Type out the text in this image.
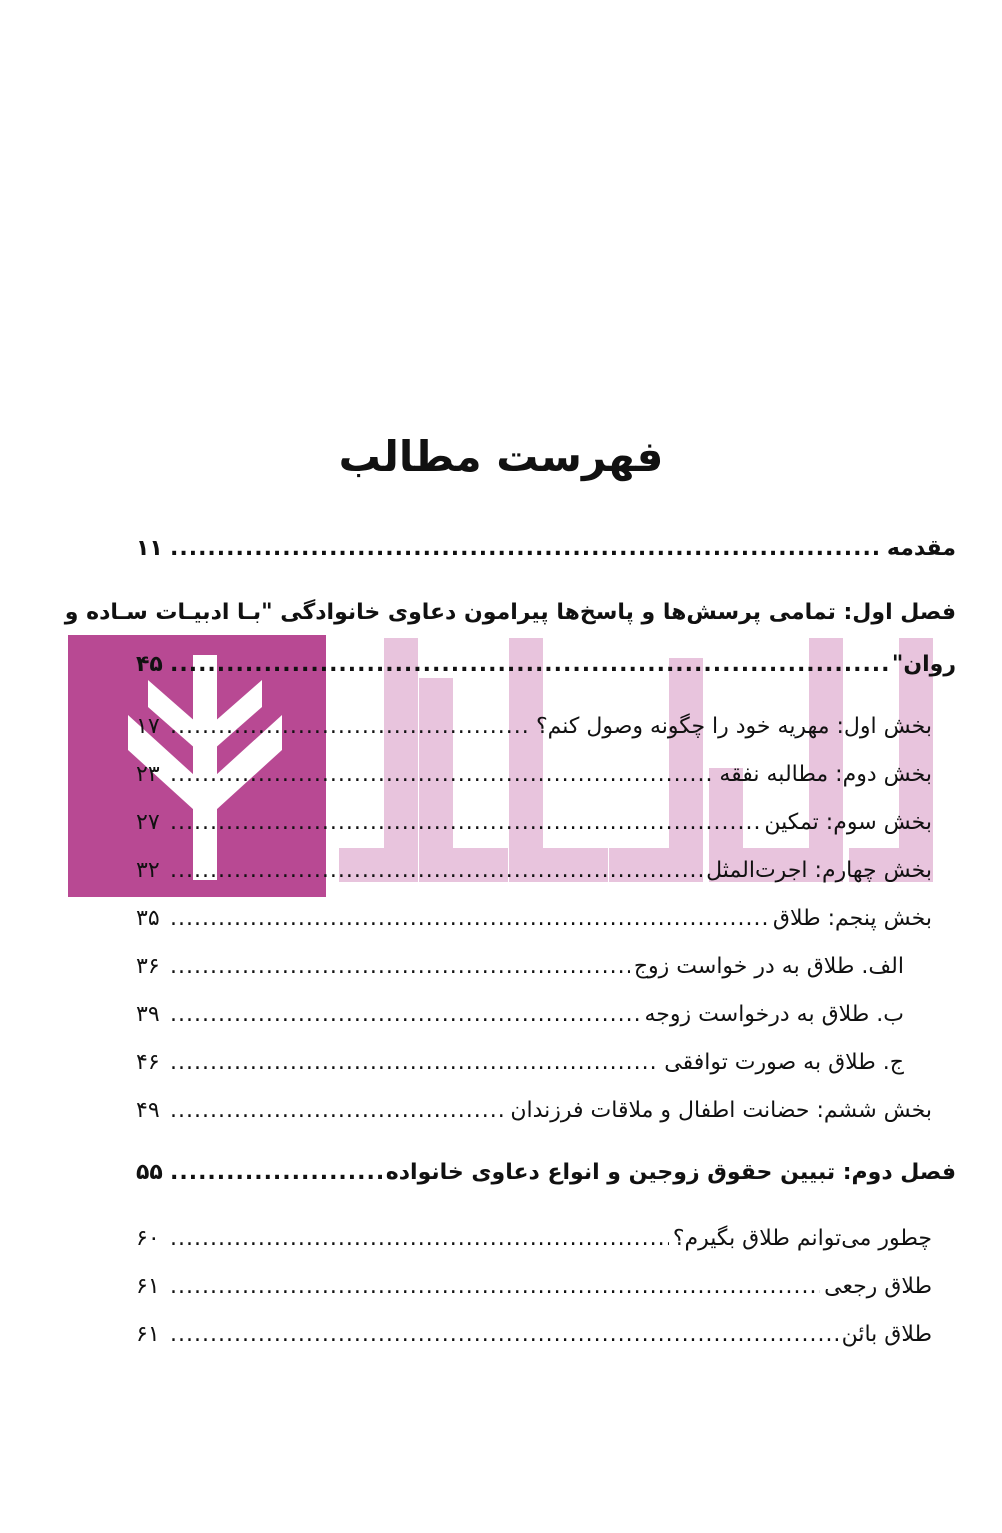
فهرست مطالب
مقدمه
.....
۱۱
فصل اول: تمامی پرسش‌ها و پاسخ‌ها پیرامون دعاوی خانوادگی "بـا ادبیـات سـاده و
روان"
.....
۴۵
بخش اول: مهریه خود را چگونه وصول کنم؟
.....
۱۷
بخش دوم: مطالبه نفقه
.....
۲۳
بخش سوم: تمکین
.....
۲۷
بخش چهارم: اجرت‌المثل
.....
۳۲
بخش پنجم: طلاق
.....
۳۵
الف. طلاق به در خواست زوج
.....
۳۶
ب. طلاق به درخواست زوجه
.....
۳۹
ج. طلاق به صورت توافقی
.....
۴۶
بخش ششم: حضانت اطفال و ملاقات فرزندان
.....
۴۹
فصل دوم: تبیین حقوق زوجین و انواع دعاوی خانواده
.....
۵۵
چطور می‌توانم طلاق بگیرم؟
.....
۶۰
طلاق رجعی
.....
۶۱
طلاق بائن
.....
۶۱
